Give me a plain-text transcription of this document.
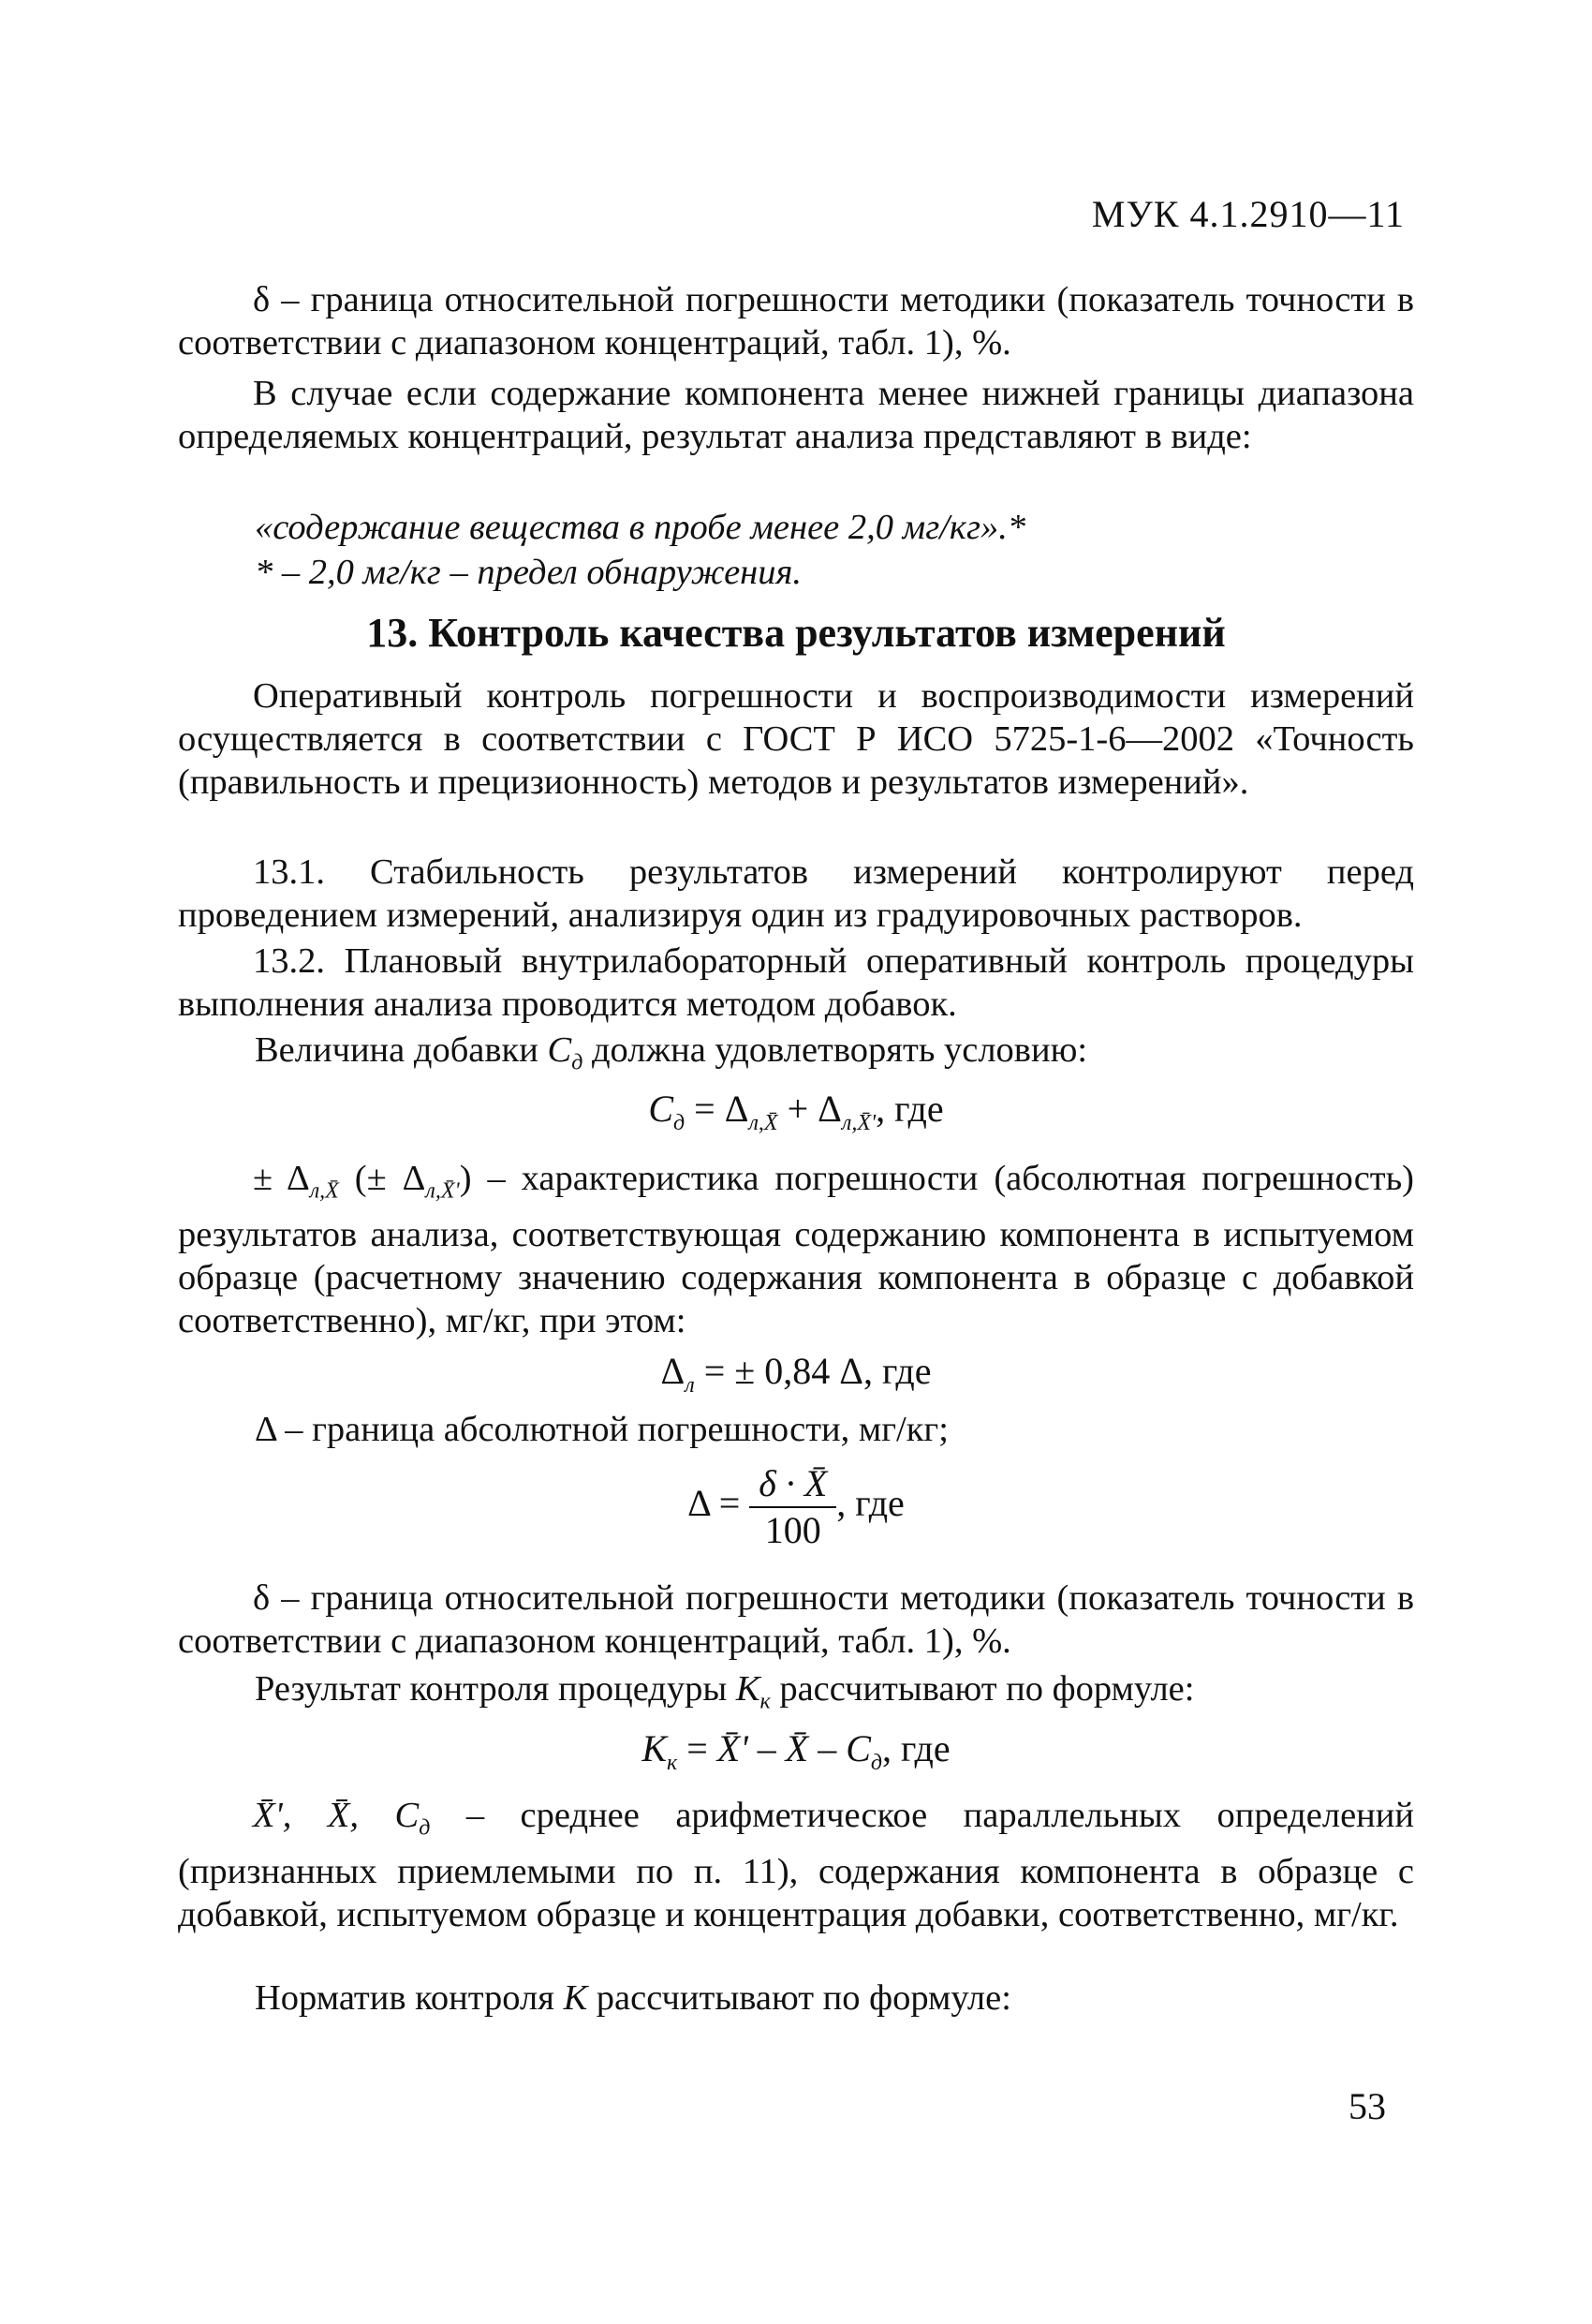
МУК 4.1.2910—11
δ – граница относительной погрешности методики (показатель точности в соответствии с диапазоном концентраций, табл. 1), %.
В случае если содержание компонента менее нижней границы диапазона определяемых концентраций, результат анализа представляют в виде:
«содержание вещества в пробе менее 2,0 мг/кг».*
* – 2,0 мг/кг – предел обнаружения.
13. Контроль качества результатов измерений
Оперативный контроль погрешности и воспроизводимости измерений осуществляется в соответствии с ГОСТ Р ИСО 5725-1-6—2002 «Точность (правильность и прецизионность) методов и результатов измерений».
13.1. Стабильность результатов измерений контролируют перед проведением измерений, анализируя один из градуировочных растворов.
13.2. Плановый внутрилабораторный оперативный контроль процедуры выполнения анализа проводится методом добавок.
Величина добавки $С_д$ должна удовлетворять условию:
$С_д = \Delta_{л,X̄} + \Delta_{л,X̄'}$, где
± $\Delta_{л,X̄}$ (± $\Delta_{л,X̄'}$) – характеристика погрешности (абсолютная погрешность) результатов анализа, соответствующая содержанию компонента в испытуемом образце (расчетному значению содержания компонента в образце с добавкой соответственно), мг/кг, при этом:
$\Delta_л$ = ± 0,84 Δ, где
Δ – граница абсолютной погрешности, мг/кг;
$\Delta = \frac{\delta \cdot X̄}{100}$ , где
δ – граница относительной погрешности методики (показатель точности в соответствии с диапазоном концентраций, табл. 1), %.
Результат контроля процедуры $К_к$ рассчитывают по формуле:
$К_к$ = X̄' – X̄ – $С_д$, где
X̄', X̄, $С_д$ – среднее арифметическое параллельных определений (признанных приемлемыми по п. 11), содержания компонента в образце с добавкой, испытуемом образце и концентрация добавки, соответственно, мг/кг.
Норматив контроля К рассчитывают по формуле:
53
